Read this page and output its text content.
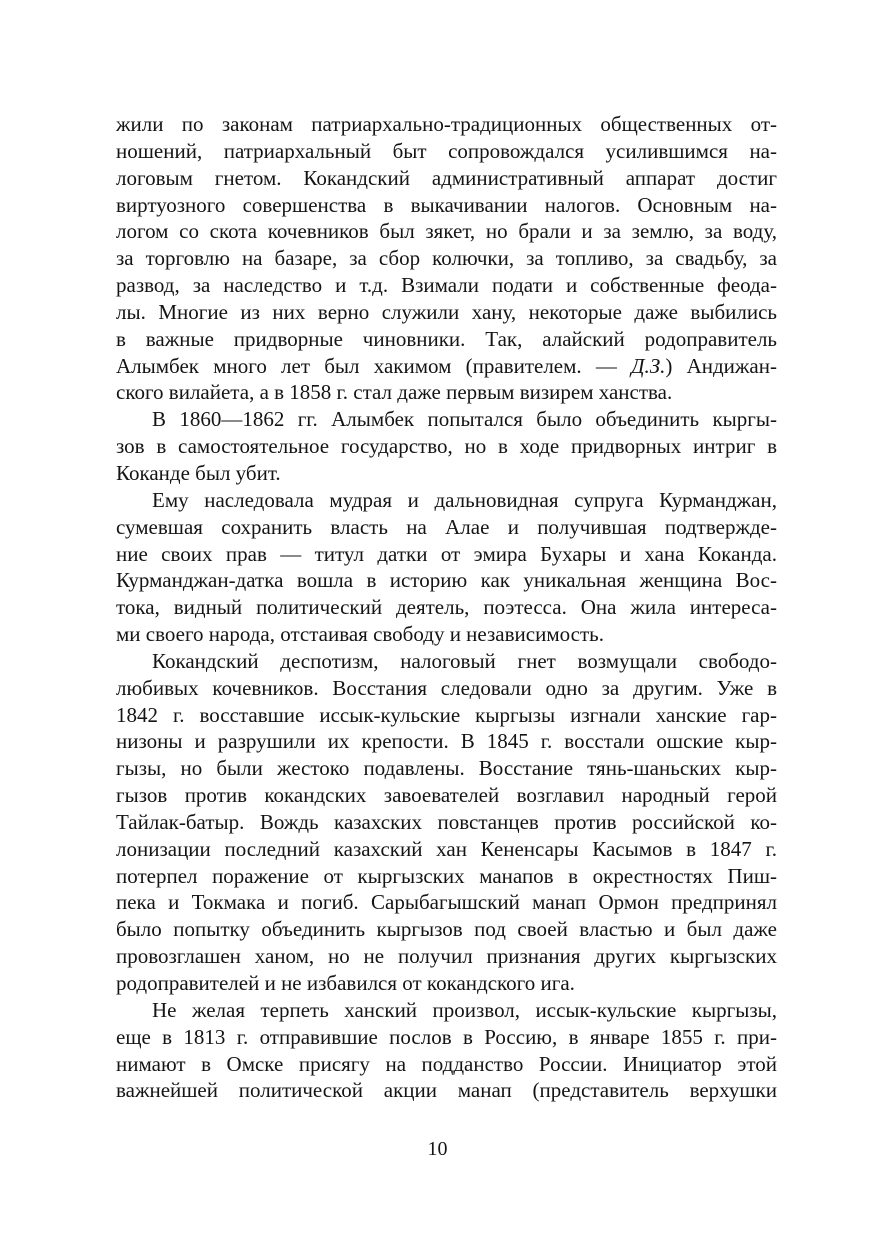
жили по законам патриархально-традиционных общественных от-
ношений, патриархальный быт сопровождался усилившимся на-
логовым гнетом. Кокандский административный аппарат достиг
виртуозного совершенства в выкачивании налогов. Основным на-
логом со скота кочевников был зякет, но брали и за землю, за воду,
за торговлю на базаре, за сбор колючки, за топливо, за свадьбу, за
развод, за наследство и т.д. Взимали подати и собственные феода-
лы. Многие из них верно служили хану, некоторые даже выбились
в важные придворные чиновники. Так, алайский родоправитель
Алымбек много лет был хакимом (правителем. — Д.З.) Андижан-
ского вилайета, а в 1858 г. стал даже первым визирем ханства.
В 1860—1862 гг. Алымбек попытался было объединить кыргы-
зов в самостоятельное государство, но в ходе придворных интриг в
Коканде был убит.
Ему наследовала мудрая и дальновидная супруга Курманджан,
сумевшая сохранить власть на Алае и получившая подтвержде-
ние своих прав — титул датки от эмира Бухары и хана Коканда.
Курманджан-датка вошла в историю как уникальная женщина Вос-
тока, видный политический деятель, поэтесса. Она жила интереса-
ми своего народа, отстаивая свободу и независимость.
Кокандский деспотизм, налоговый гнет возмущали свободо-
любивых кочевников. Восстания следовали одно за другим. Уже в
1842 г. восставшие иссык-кульские кыргызы изгнали ханские гар-
низоны и разрушили их крепости. В 1845 г. восстали ошские кыр-
гызы, но были жестоко подавлены. Восстание тянь-шаньских кыр-
гызов против кокандских завоевателей возглавил народный герой
Тайлак-батыр. Вождь казахских повстанцев против российской ко-
лонизации последний казахский хан Кененсары Касымов в 1847 г.
потерпел поражение от кыргызских манапов в окрестностях Пиш-
пека и Токмака и погиб. Сарыбагышский манап Ормон предпринял
было попытку объединить кыргызов под своей властью и был даже
провозглашен ханом, но не получил признания других кыргызских
родоправителей и не избавился от кокандского ига.
Не желая терпеть ханский произвол, иссык-кульские кыргызы,
еще в 1813 г. отправившие послов в Россию, в январе 1855 г. при-
нимают в Омске присягу на подданство России. Инициатор этой
важнейшей политической акции манап (представитель верхушки
10
